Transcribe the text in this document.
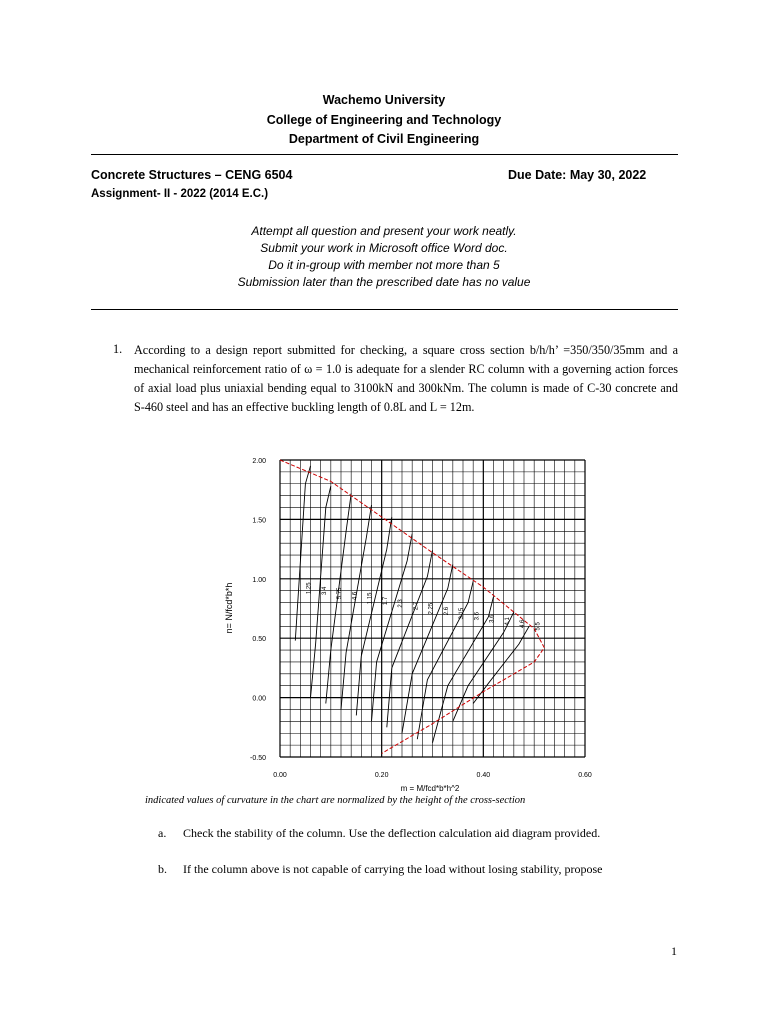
Wachemo University
College of Engineering and Technology
Department of Civil Engineering
Concrete Structures – CENG 6504	Due Date: May 30, 2022
Assignment- II - 2022 (2014 E.C.)
Attempt all question and present your work neatly.
Submit your work in Microsoft office Word doc.
Do it in-group with member not more than 5
Submission later than the prescribed date has no value
1. According to a design report submitted for checking, a square cross section b/h/h’ =350/350/35mm and a mechanical reinforcement ratio of ω = 1.0 is adequate for a slender RC column with a governing action forces of axial load plus uniaxial bending equal to 3100kN and 300kNm. The column is made of C-30 concrete and S-460 steel and has an effective buckling length of 0.8L and L = 12m.
2.00
1.50
1.00
0.50
0.00
-0.50
0.00	0.20	0.40	0.60
1.25 3.4 5.75 4.6 1.15 1.7 2.3 2.7 2.25 2.6 3.15 3.6 3.6 4.1 4.6 5.5
m = M/fcd*b*h^2
n= N/fcd*b*h
indicated values of curvature in the chart are normalized by the height of the cross-section
a. Check the stability of the column. Use the deflection calculation aid diagram provided.
b. If the column above is not capable of carrying the load without losing stability, propose
1
